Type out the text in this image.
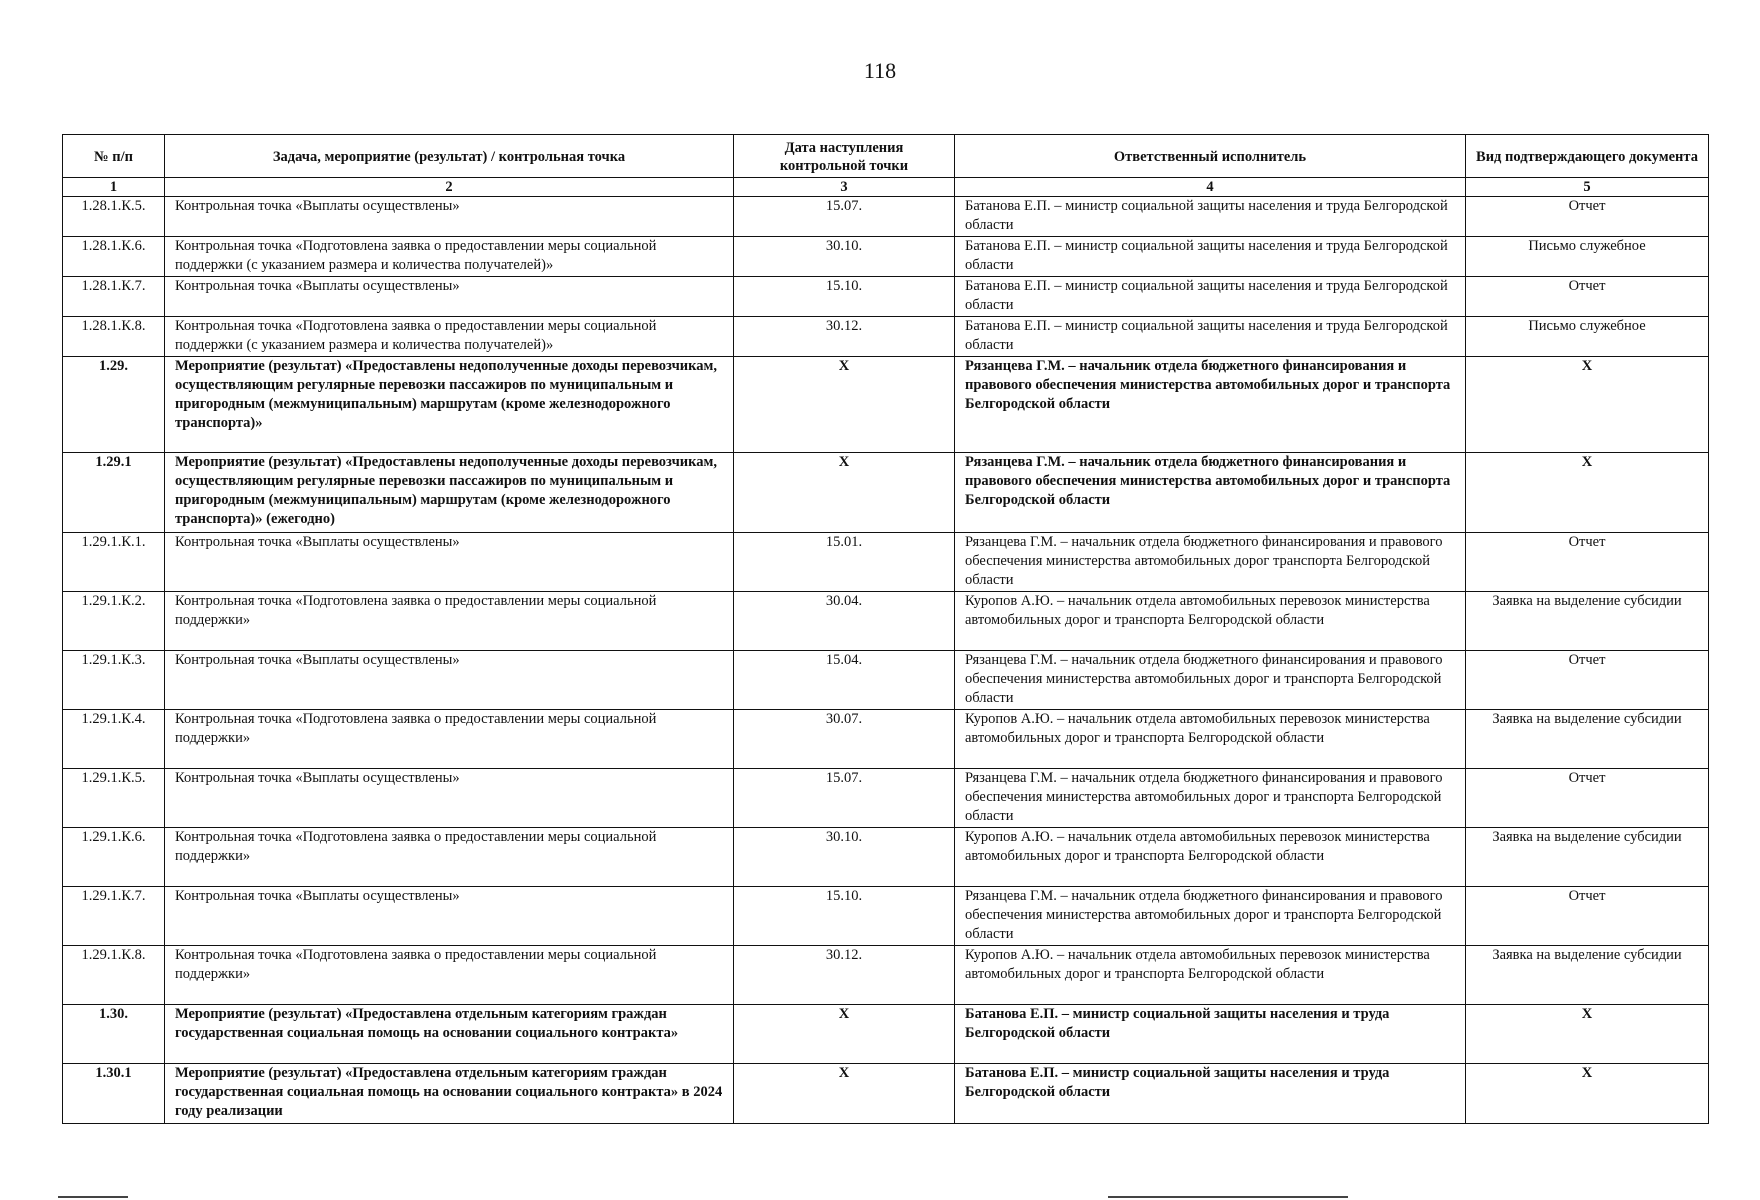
118
№ п/п	Задача, мероприятие (результат) / контрольная точка	Дата наступления контрольной точки	Ответственный исполнитель	Вид подтверждающего документа
1	2	3	4	5
1.28.1.К.5.	Контрольная точка «Выплаты осуществлены»	15.07.	Батанова Е.П. – министр социальной защиты населения и труда Белгородской области	Отчет
1.28.1.К.6.	Контрольная точка «Подготовлена заявка о предоставлении меры социальной поддержки (с указанием размера и количества получателей)»	30.10.	Батанова Е.П. – министр социальной защиты населения и труда Белгородской области	Письмо служебное
1.28.1.К.7.	Контрольная точка «Выплаты осуществлены»	15.10.	Батанова Е.П. – министр социальной защиты населения и труда Белгородской области	Отчет
1.28.1.К.8.	Контрольная точка «Подготовлена заявка о предоставлении меры социальной поддержки (с указанием размера и количества получателей)»	30.12.	Батанова Е.П. – министр социальной защиты населения и труда Белгородской области	Письмо служебное
1.29.	Мероприятие (результат) «Предоставлены недополученные доходы перевозчикам, осуществляющим регулярные перевозки пассажиров по муниципальным и пригородным (межмуниципальным) маршрутам (кроме железнодорожного транспорта)»	Х	Рязанцева Г.М. – начальник отдела бюджетного финансирования и правового обеспечения министерства автомобильных дорог и транспорта Белгородской области	Х
1.29.1	Мероприятие (результат) «Предоставлены недополученные доходы перевозчикам, осуществляющим регулярные перевозки пассажиров по муниципальным и пригородным (межмуниципальным) маршрутам (кроме железнодорожного транспорта)» (ежегодно)	Х	Рязанцева Г.М. – начальник отдела бюджетного финансирования и правового обеспечения министерства автомобильных дорог и транспорта Белгородской области	Х
1.29.1.К.1.	Контрольная точка «Выплаты осуществлены»	15.01.	Рязанцева Г.М. – начальник отдела бюджетного финансирования и правового обеспечения министерства автомобильных дорог транспорта Белгородской области	Отчет
1.29.1.К.2.	Контрольная точка «Подготовлена заявка о предоставлении меры социальной поддержки»	30.04.	Куропов А.Ю. – начальник отдела автомобильных перевозок министерства автомобильных дорог и транспорта Белгородской области	Заявка на выделение субсидии
1.29.1.К.3.	Контрольная точка «Выплаты осуществлены»	15.04.	Рязанцева Г.М. – начальник отдела бюджетного финансирования и правового обеспечения министерства автомобильных дорог и транспорта Белгородской области	Отчет
1.29.1.К.4.	Контрольная точка «Подготовлена заявка о предоставлении меры социальной поддержки»	30.07.	Куропов А.Ю. – начальник отдела автомобильных перевозок министерства автомобильных дорог и транспорта Белгородской области	Заявка на выделение субсидии
1.29.1.К.5.	Контрольная точка «Выплаты осуществлены»	15.07.	Рязанцева Г.М. – начальник отдела бюджетного финансирования и правового обеспечения министерства автомобильных дорог и транспорта Белгородской области	Отчет
1.29.1.К.6.	Контрольная точка «Подготовлена заявка о предоставлении меры социальной поддержки»	30.10.	Куропов А.Ю. – начальник отдела автомобильных перевозок министерства автомобильных дорог и транспорта Белгородской области	Заявка на выделение субсидии
1.29.1.К.7.	Контрольная точка «Выплаты осуществлены»	15.10.	Рязанцева Г.М. – начальник отдела бюджетного финансирования и правового обеспечения министерства автомобильных дорог и транспорта Белгородской области	Отчет
1.29.1.К.8.	Контрольная точка «Подготовлена заявка о предоставлении меры социальной поддержки»	30.12.	Куропов А.Ю. – начальник отдела автомобильных перевозок министерства автомобильных дорог и транспорта Белгородской области	Заявка на выделение субсидии
1.30.	Мероприятие (результат) «Предоставлена отдельным категориям граждан государственная социальная помощь на основании социального контракта»	Х	Батанова Е.П. – министр социальной защиты населения и труда Белгородской области	Х
1.30.1	Мероприятие (результат) «Предоставлена отдельным категориям граждан государственная социальная помощь на основании социального контракта» в 2024 году реализации	Х	Батанова Е.П. – министр социальной защиты населения и труда Белгородской области	Х
